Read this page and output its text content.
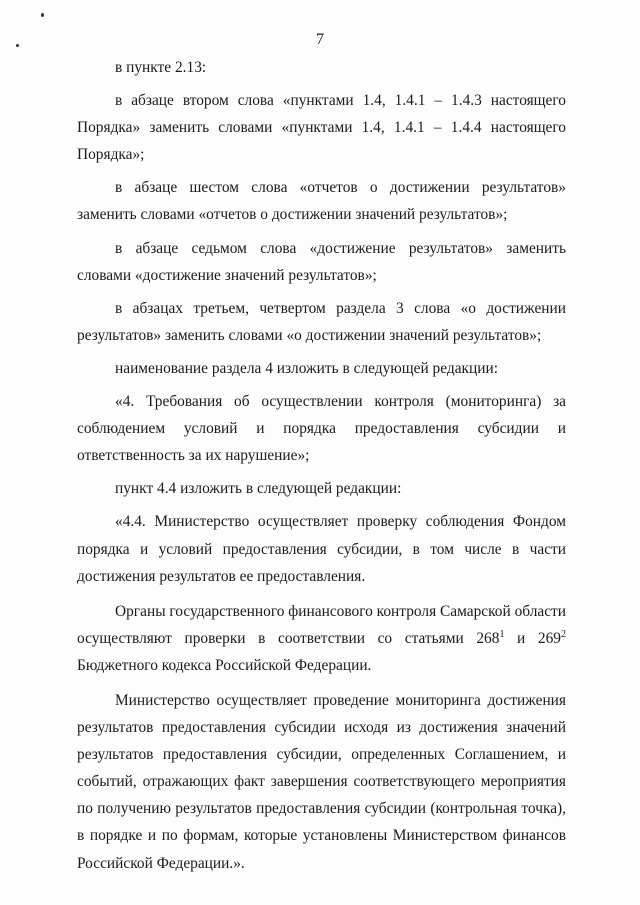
7

в пункте 2.13:

в абзаце втором слова «пунктами 1.4, 1.4.1 – 1.4.3 настоящего Порядка» заменить словами «пунктами 1.4, 1.4.1 – 1.4.4 настоящего Порядка»;

в абзаце шестом слова «отчетов о достижении результатов» заменить словами «отчетов о достижении значений результатов»;

в абзаце седьмом слова «достижение результатов» заменить словами «достижение значений результатов»;

в абзацах третьем, четвертом раздела 3 слова «о достижении результатов» заменить словами «о достижении значений результатов»;

наименование раздела 4 изложить в следующей редакции:

«4. Требования об осуществлении контроля (мониторинга) за соблюдением условий и порядка предоставления субсидии и ответственность за их нарушение»;

пункт 4.4 изложить в следующей редакции:

«4.4. Министерство осуществляет проверку соблюдения Фондом порядка и условий предоставления субсидии, в том числе в части достижения результатов ее предоставления.

Органы государственного финансового контроля Самарской области осуществляют проверки в соответствии со статьями $268^1$ и $269^2$ Бюджетного кодекса Российской Федерации.

Министерство осуществляет проведение мониторинга достижения результатов предоставления субсидии исходя из достижения значений результатов предоставления субсидии, определенных Соглашением, и событий, отражающих факт завершения соответствующего мероприятия по получению результатов предоставления субсидии (контрольная точка), в порядке и по формам, которые установлены Министерством финансов Российской Федерации.».
